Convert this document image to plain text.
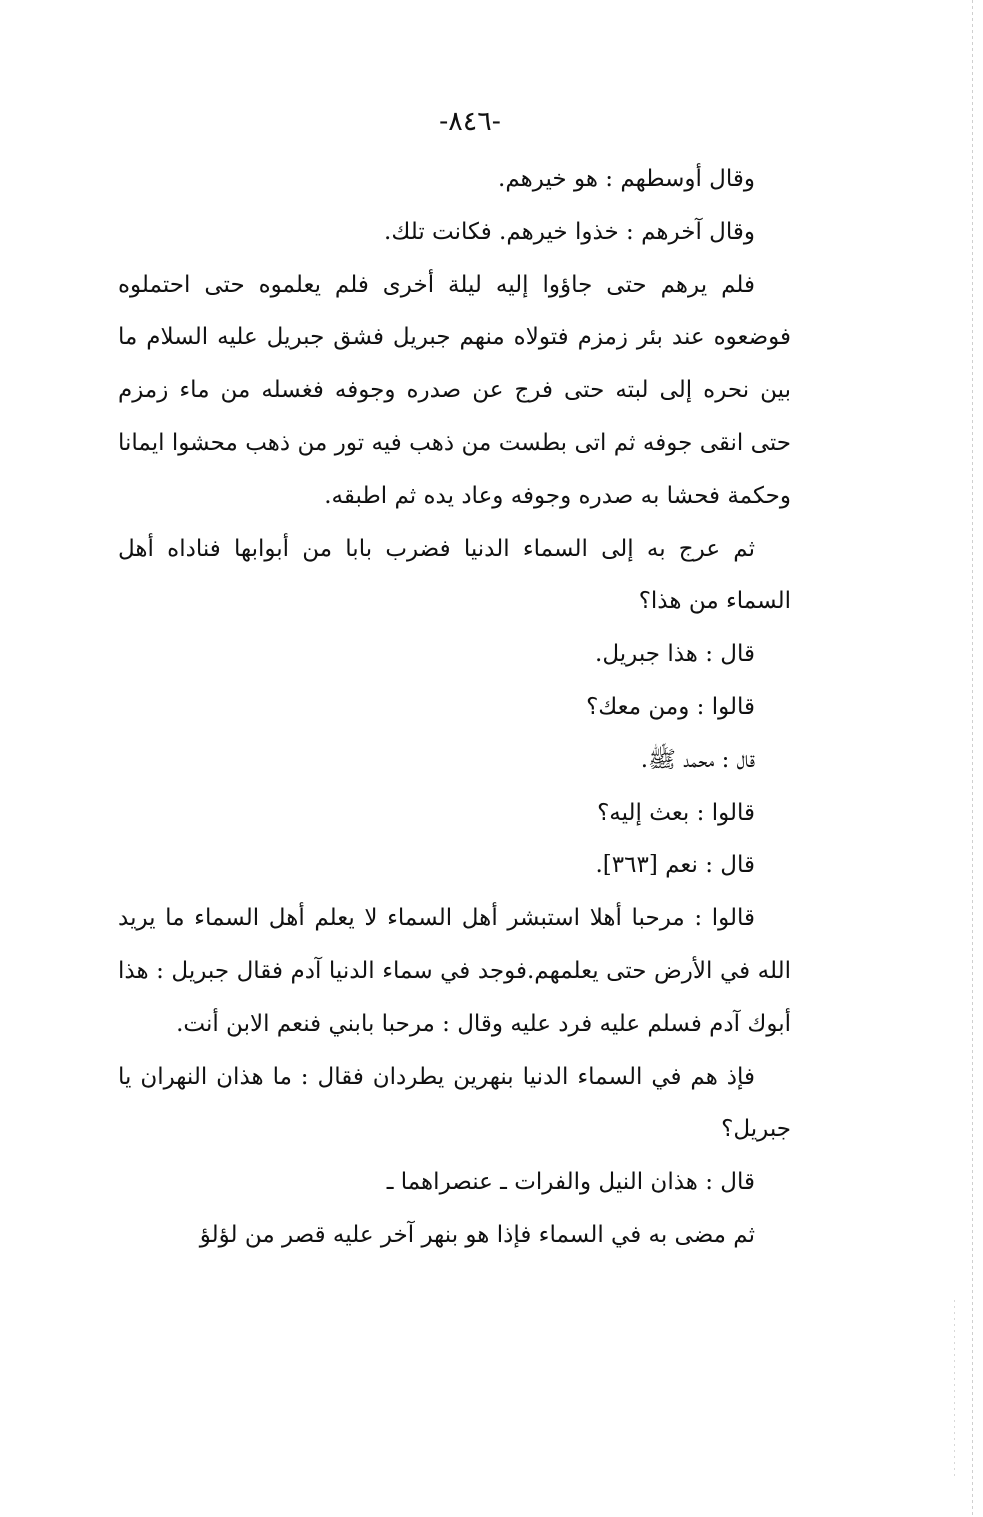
-٨٤٦-

وقال أوسطهم : هو خيرهم.

وقال آخرهم : خذوا خيرهم. فكانت تلك.

فلم يرهم حتى جاؤوا إليه ليلة أخرى فلم يعلموه حتى احتملوه فوضعوه عند بئر زمزم فتولاه منهم جبريل فشق جبريل عليه السلام ما بين نحره إلى لبته حتى فرج عن صدره وجوفه فغسله من ماء زمزم حتى انقى جوفه ثم اتى بطست من ذهب فيه تور من ذهب محشوا ايمانا وحكمة فحشا به صدره وجوفه وعاد يده ثم اطبقه.

ثم عرج به إلى السماء الدنيا فضرب بابا من أبوابها فناداه أهل السماء من هذا؟

قال : هذا جبريل.

قالوا : ومن معك؟

قال : محمد ﷺ.

قالوا : بعث إليه؟

قال : نعم [٣٦٣].

قالوا : مرحبا أهلا استبشر أهل السماء لا يعلم أهل السماء ما يريد الله في الأرض حتى يعلمهم.فوجد في سماء الدنيا آدم فقال جبريل : هذا أبوك آدم فسلم عليه فرد عليه وقال : مرحبا بابني فنعم الابن أنت.

فإذ هم في السماء الدنيا بنهرين يطردان فقال : ما هذان النهران يا جبريل؟

قال : هذان النيل والفرات ـ عنصراهما ـ

ثم مضى به في السماء فإذا هو بنهر آخر عليه قصر من لؤلؤ
